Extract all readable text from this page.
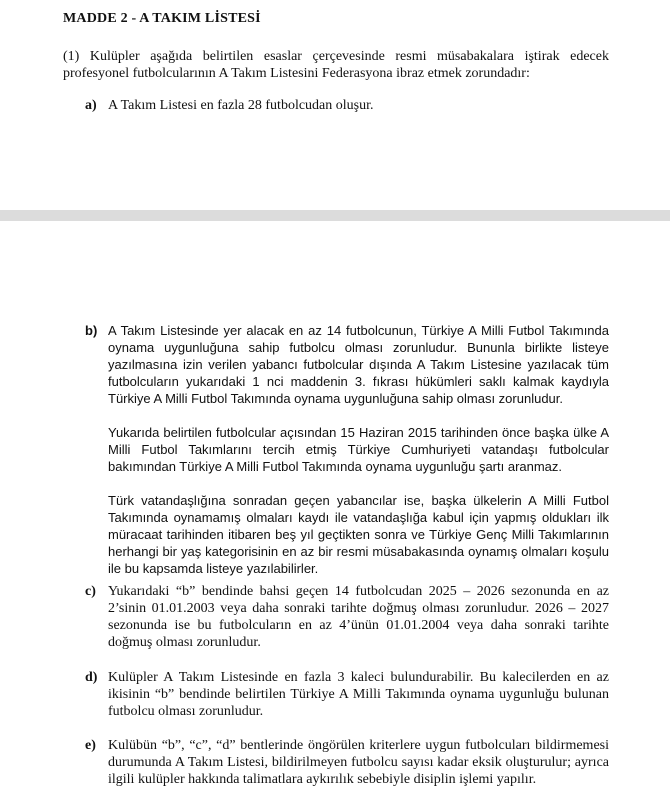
MADDE 2 - A TAKIM LİSTESİ
(1) Kulüpler aşağıda belirtilen esaslar çerçevesinde resmi müsabakalara iştirak edecek profesyonel futbolcularının A Takım Listesini Federasyona ibraz etmek zorundadır:
a) A Takım Listesi en fazla 28 futbolcudan oluşur.

b) A Takım Listesinde yer alacak en az 14 futbolcunun, Türkiye A Milli Futbol Takımında oynama uygunluğuna sahip futbolcu olması zorunludur. Bununla birlikte listeye yazılmasına izin verilen yabancı futbolcular dışında A Takım Listesine yazılacak tüm futbolcuların yukarıdaki 1 nci maddenin 3. fıkrası hükümleri saklı kalmak kaydıyla Türkiye A Milli Futbol Takımında oynama uygunluğuna sahip olması zorunludur.

Yukarıda belirtilen futbolcular açısından 15 Haziran 2015 tarihinden önce başka ülke A Milli Futbol Takımlarını tercih etmiş Türkiye Cumhuriyeti vatandaşı futbolcular bakımından Türkiye A Milli Futbol Takımında oynama uygunluğu şartı aranmaz.

Türk vatandaşlığına sonradan geçen yabancılar ise, başka ülkelerin A Milli Futbol Takımında oynamamış olmaları kaydı ile vatandaşlığa kabul için yapmış oldukları ilk müracaat tarihinden itibaren beş yıl geçtikten sonra ve Türkiye Genç Milli Takımlarının herhangi bir yaş kategorisinin en az bir resmi müsabakasında oynamış olmaları koşulu ile bu kapsamda listeye yazılabilirler.

c) Yukarıdaki “b” bendinde bahsi geçen 14 futbolcudan 2025 – 2026 sezonunda en az 2’sinin 01.01.2003 veya daha sonraki tarihte doğmuş olması zorunludur. 2026 – 2027 sezonunda ise bu futbolcuların en az 4’ünün 01.01.2004 veya daha sonraki tarihte doğmuş olması zorunludur.

d) Kulüpler A Takım Listesinde en fazla 3 kaleci bulundurabilir. Bu kalecilerden en az ikisinin “b” bendinde belirtilen Türkiye A Milli Takımında oynama uygunluğu bulunan futbolcu olması zorunludur.

e) Kulübün “b”, “c”, “d” bentlerinde öngörülen kriterlere uygun futbolcuları bildirmemesi durumunda A Takım Listesi, bildirilmeyen futbolcu sayısı kadar eksik oluşturulur; ayrıca ilgili kulüpler hakkında talimatlara aykırılık sebebiyle disiplin işlemi yapılır.
